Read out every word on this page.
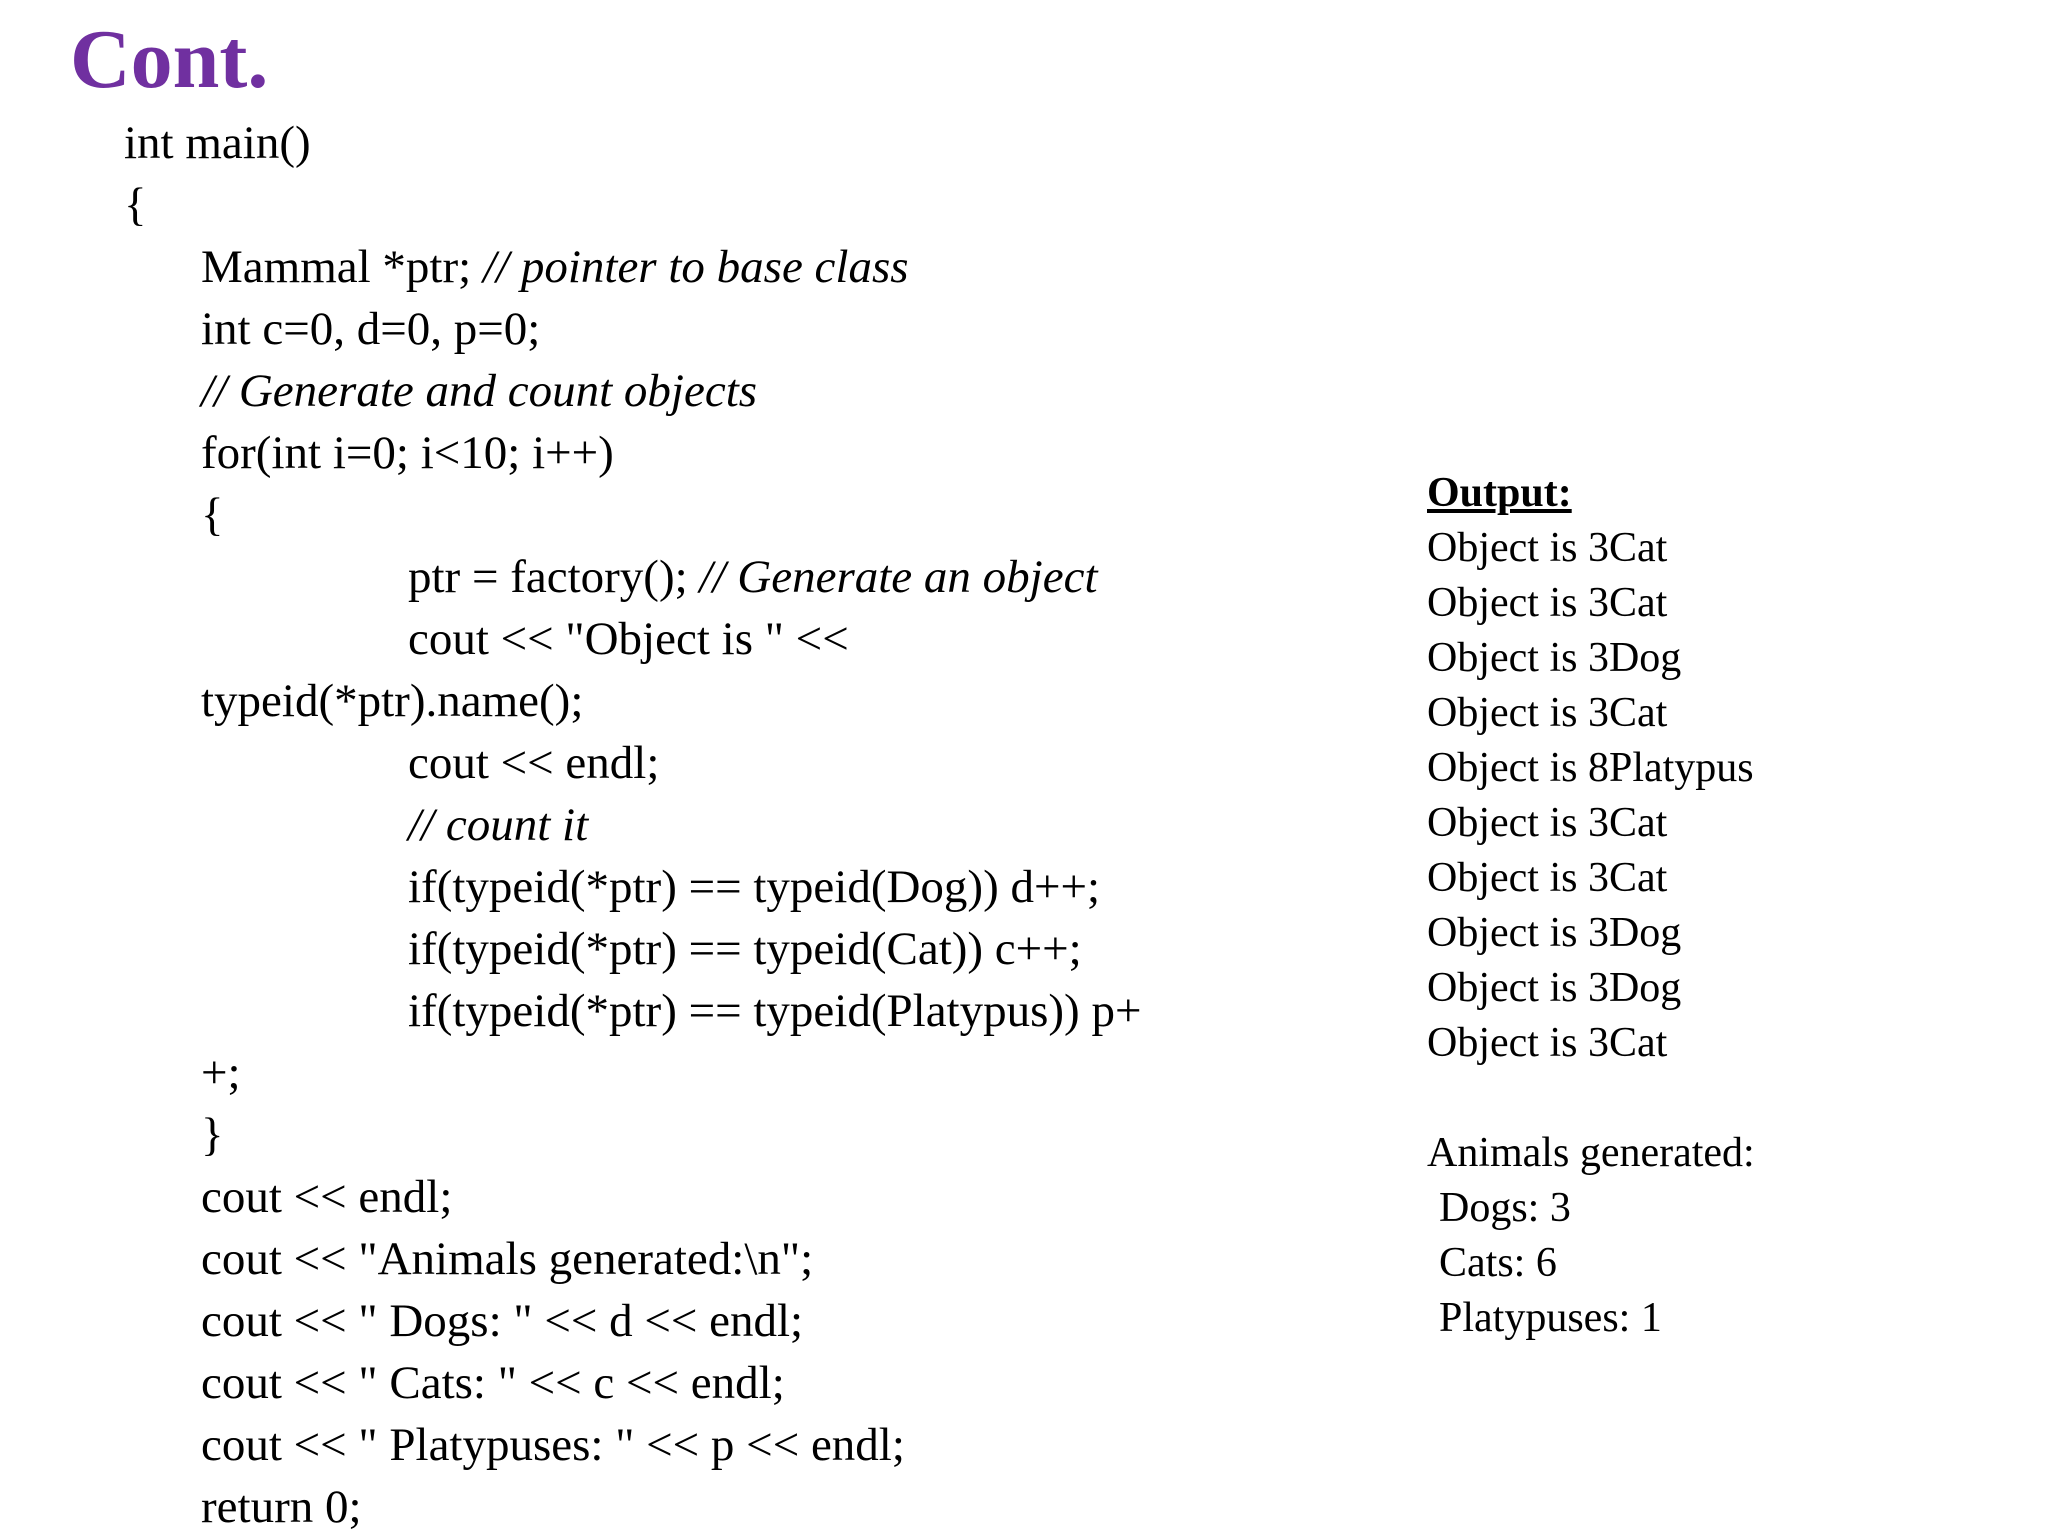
Cont.
int main()
{
Mammal *ptr; // pointer to base class
int c=0, d=0, p=0;
// Generate and count objects
for(int i=0; i<10; i++)
{
ptr = factory(); // Generate an object
cout << "Object is " <<
typeid(*ptr).name();
cout << endl;
// count it
if(typeid(*ptr) == typeid(Dog)) d++;
if(typeid(*ptr) == typeid(Cat)) c++;
if(typeid(*ptr) == typeid(Platypus)) p+
+;
}
cout << endl;
cout << "Animals generated:\n";
cout << " Dogs: " << d << endl;
cout << " Cats: " << c << endl;
cout << " Platypuses: " << p << endl;
return 0;
Output:
Object is 3Cat
Object is 3Cat
Object is 3Dog
Object is 3Cat
Object is 8Platypus
Object is 3Cat
Object is 3Cat
Object is 3Dog
Object is 3Dog
Object is 3Cat
Animals generated:
Dogs: 3
Cats: 6
Platypuses: 1
